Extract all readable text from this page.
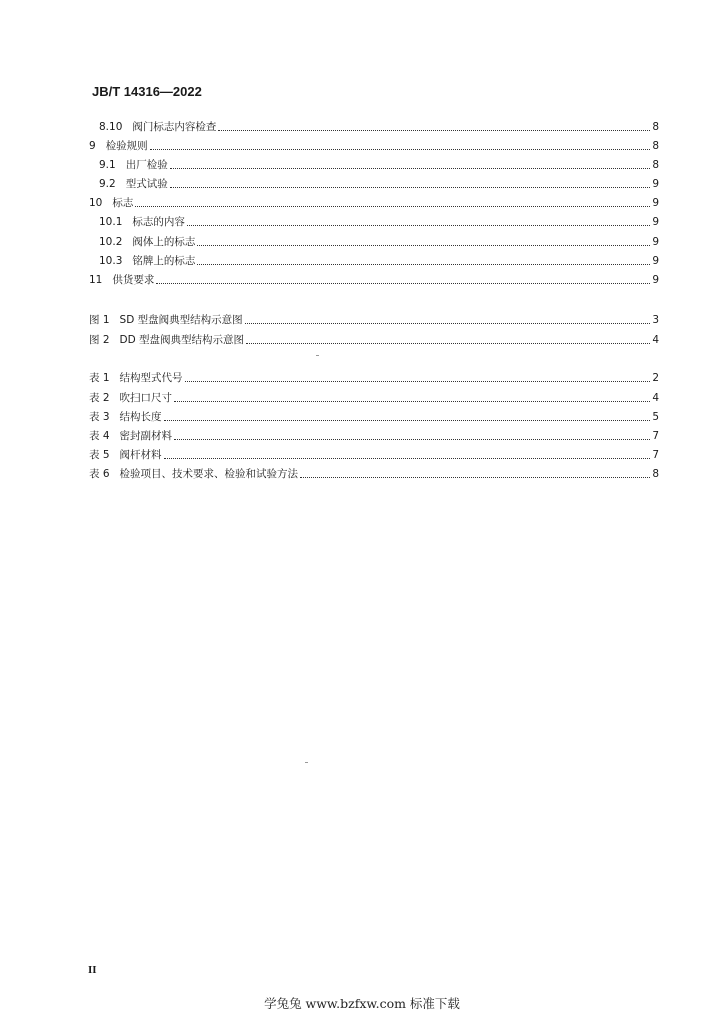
JB/T 14316—2022
8.10 阀门标志内容检查	8
9 检验规则	8
9.1 出厂检验	8
9.2 型式试验	9
10 标志	9
10.1 标志的内容	9
10.2 阀体上的标志	9
10.3 铭牌上的标志	9
11 供货要求	9
图 1 SD 型盘阀典型结构示意图	3
图 2 DD 型盘阀典型结构示意图	4
表 1 结构型式代号	2
表 2 吹扫口尺寸	4
表 3 结构长度	5
表 4 密封副材料	7
表 5 阀杆材料	7
表 6 检验项目、技术要求、检验和试验方法	8
II
学兔兔 www.bzfxw.com 标准下载
